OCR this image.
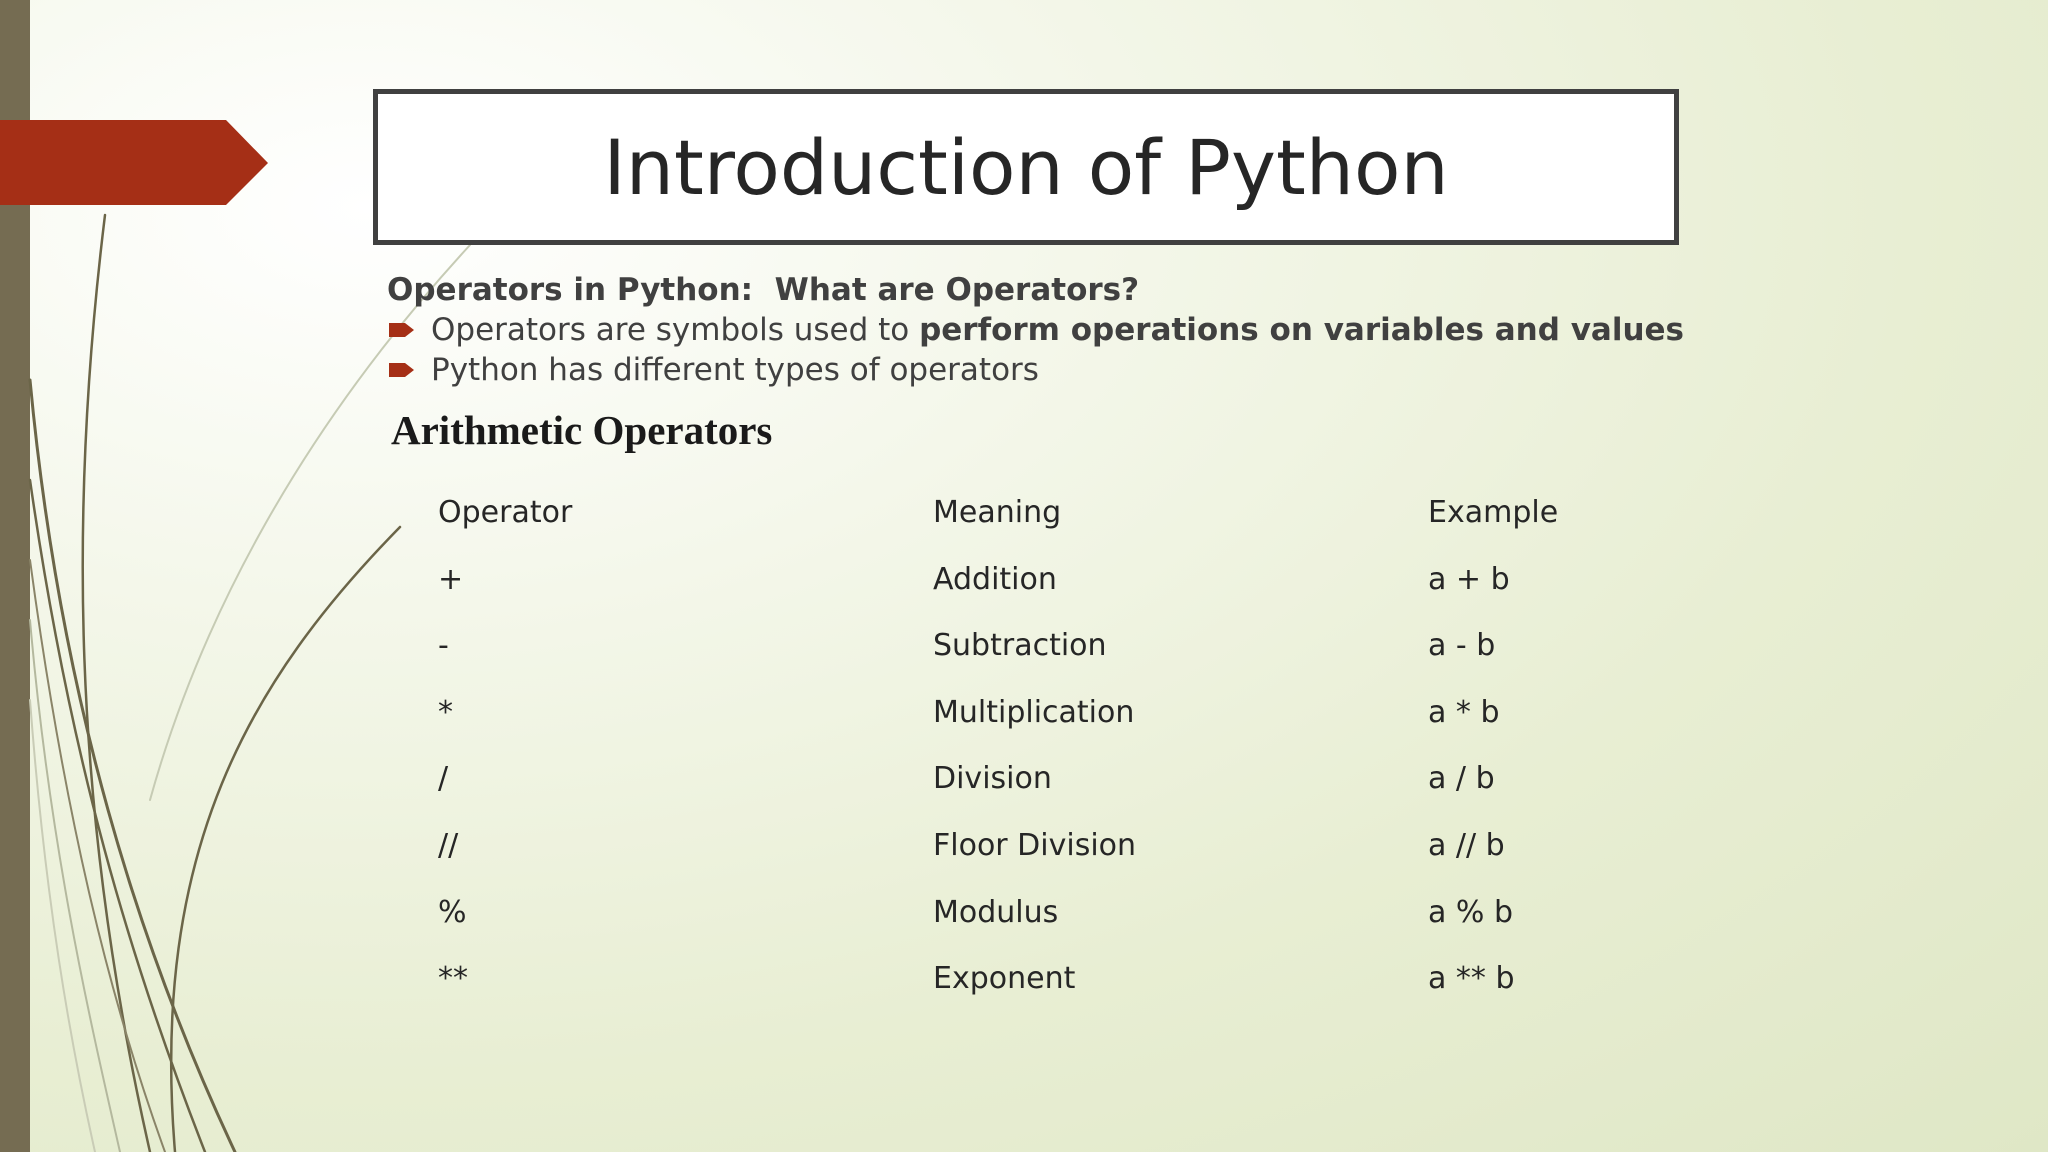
Introduction of Python
Operators in Python:  What are Operators?
Operators are symbols used to perform operations on variables and values
Python has different types of operators
Arithmetic Operators
Operator	Meaning	Example
+	Addition	a + b
-	Subtraction	a - b
*	Multiplication	a * b
/	Division	a / b
//	Floor Division	a // b
%	Modulus	a % b
**	Exponent	a ** b
